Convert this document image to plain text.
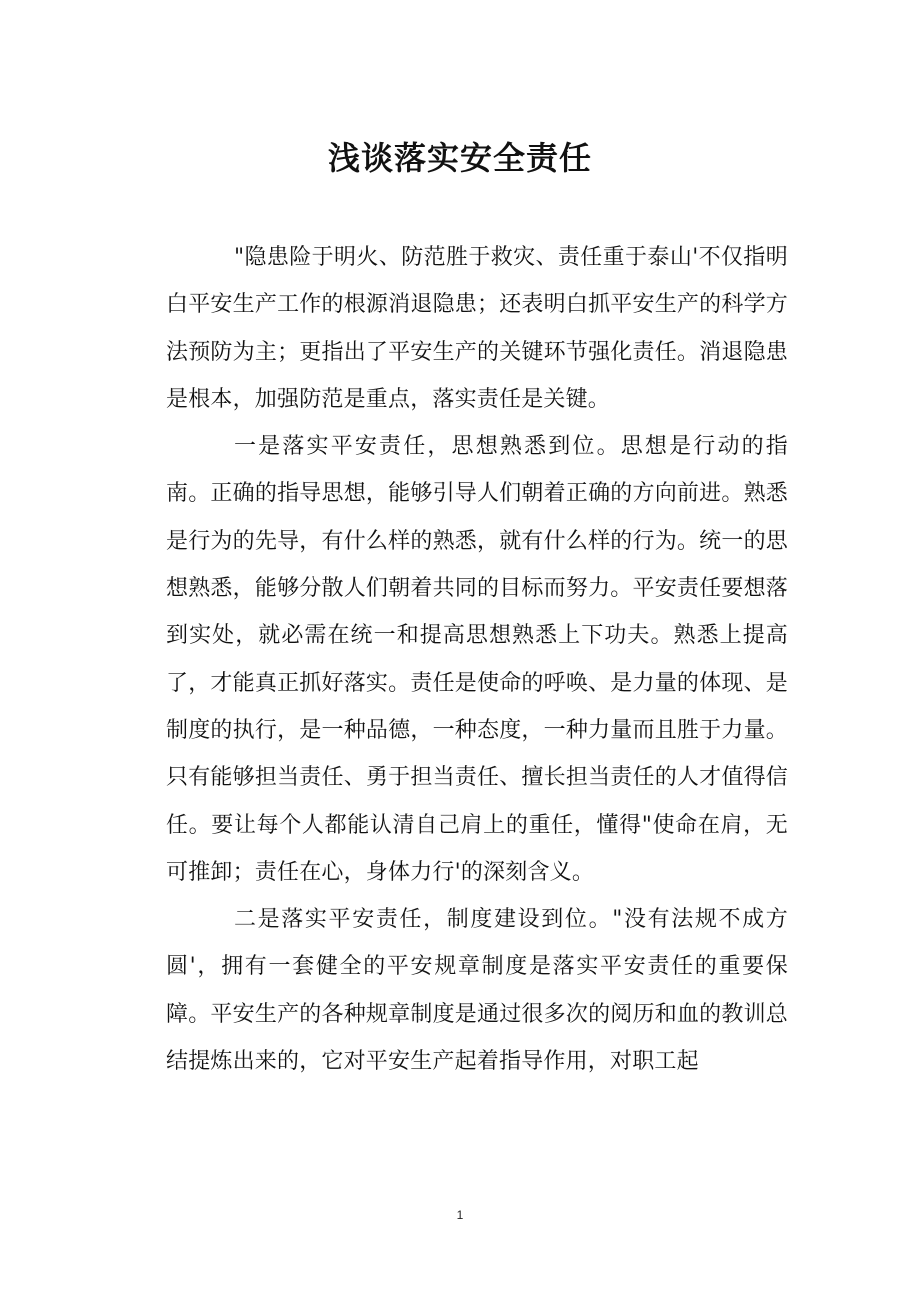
浅谈落实安全责任

"隐患险于明火、防范胜于救灾、责任重于泰山'不仅指明白平安生产工作的根源消退隐患；还表明白抓平安生产的科学方法预防为主；更指出了平安生产的关键环节强化责任。消退隐患是根本，加强防范是重点，落实责任是关键。

一是落实平安责任，思想熟悉到位。思想是行动的指南。正确的指导思想，能够引导人们朝着正确的方向前进。熟悉是行为的先导，有什么样的熟悉，就有什么样的行为。统一的思想熟悉，能够分散人们朝着共同的目标而努力。平安责任要想落到实处，就必需在统一和提高思想熟悉上下功夫。熟悉上提高了，才能真正抓好落实。责任是使命的呼唤、是力量的体现、是制度的执行，是一种品德，一种态度，一种力量而且胜于力量。只有能够担当责任、勇于担当责任、擅长担当责任的人才值得信任。要让每个人都能认清自己肩上的重任，懂得"使命在肩，无可推卸；责任在心，身体力行'的深刻含义。

二是落实平安责任，制度建设到位。"没有法规不成方圆'，拥有一套健全的平安规章制度是落实平安责任的重要保障。平安生产的各种规章制度是通过很多次的阅历和血的教训总结提炼出来的，它对平安生产起着指导作用，对职工起

1
